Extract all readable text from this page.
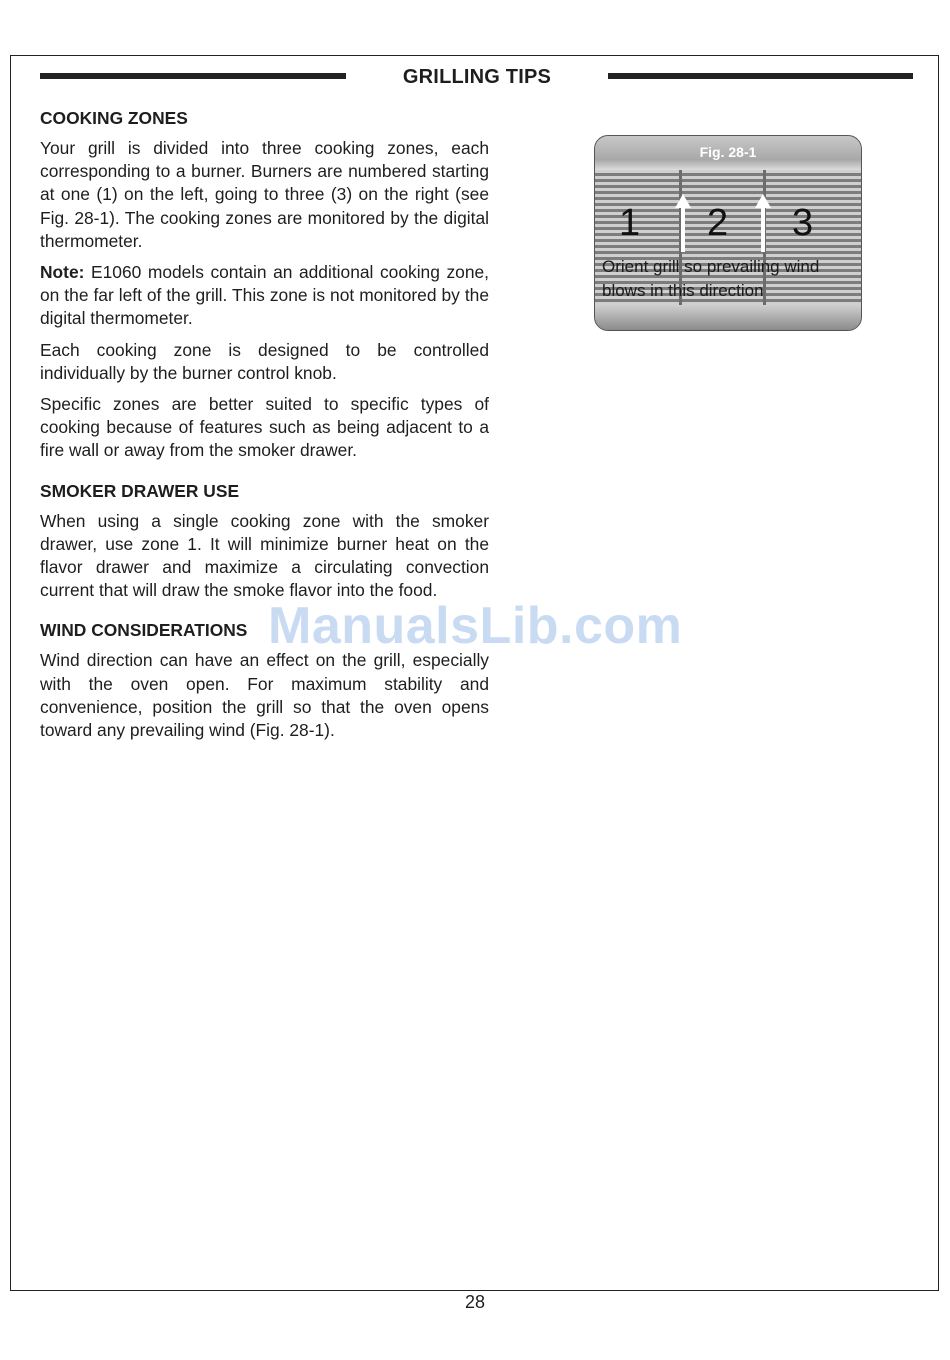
GRILLING TIPS
COOKING ZONES

Your grill is divided into three cooking zones, each corresponding to a burner. Burners are numbered starting at one (1) on the left, going to three (3) on the right (see Fig. 28-1). The cooking zones are monitored by the digital thermometer.

Note: E1060 models contain an additional cooking zone, on the far left of the grill. This zone is not monitored by the digital thermometer.

Each cooking zone is designed to be controlled individually by the burner control knob.

Specific zones are better suited to specific types of cooking because of features such as being adjacent to a fire wall or away from the smoker drawer.

SMOKER DRAWER USE

When using a single cooking zone with the smoker drawer, use zone 1. It will minimize burner heat on the flavor drawer and maximize a circulating convection current that will draw the smoke flavor into the food.

WIND CONSIDERATIONS

Wind direction can have an effect on the grill, especially with the oven open. For maximum stability and convenience, position the grill so that the oven opens toward any prevailing wind (Fig. 28-1).

Fig. 28-1
1 2 3
Orient grill so prevailing wind blows in this direction
ManualsLib.com
28
